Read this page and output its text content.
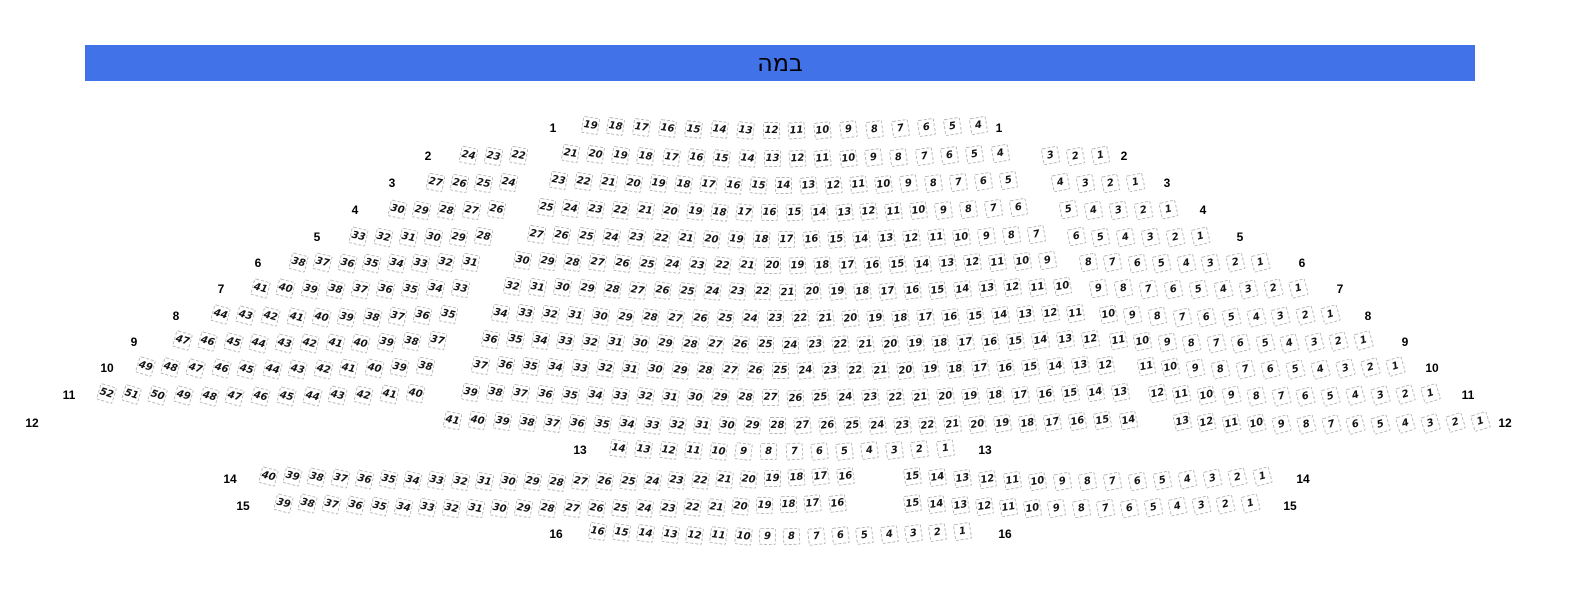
במה
1	1
19 18 17 16 15 14 13 12 11 10	9	8	7	6	5	4
2	2
24 23 22	21 20 19 18 17 16 15 14 13 12 11 10	9	8	7	6	5	4	3	2	1
3	3
27 26 25 24	23 22 21 20 19 18 17 16 15 14 13 12 11 10	9	8	7	6	5	4	3	2	1
4	4
30 29 28 27 26	25 24 23 22 21 20 19 18 17 16 15 14 13 12 11 10	9	8	7	6	5	4	3	2	1
5	5
33 32 31 30 29 28	27 26 25 24 23 22 21 20 19 18 17 16 15 14 13 12 11 10	9	8	7	6	5	4	3	2	1
6	6
38 37 36 35 34 33 32 31	30 29 28 27 26 25 24 23 22 21 20 19 18 17 16 15 14 13 12 11 10	9	8	7	6	5	4	3	2	1
7	7
41 40 39 38 37 36 35 34 33	32 31 30 29 28 27 26 25 24 23 22 21 20 19 18 17 16 15 14 13 12 11 10	9	8	7	6	5	4	3	2	1
8	8
44 43 42 41 40 39 38 37 36 35	34 33 32 31 30 29 28 27 26 25 24 23 22 21 20 19 18 17 16 15 14 13 12 11 10	9	8	7	6	5	4	3	2	1
9	9
47 46 45 44 43 42 41 40 39 38 37	36 35 34 33 32 31 30 29 28 27 26 25 24 23 22 21 20 19 18 17 16 15 14 13 12 11 10	9	8	7	6	5	4	3	2	1
10	10
49 48 47 46 45 44 43 42 41 40 39 38	37 36 35 34 33 32 31 30 29 28 27 26 25 24 23 22 21 20 19 18 17 16 15 14 13 12	11 10	9	8	7	6	5	4	3	2	1
11	11
52 51 50 49 48 47 46 45 44 43 42 41 40	39 38 37 36 35 34 33 32 31 30 29 28 27 26 25 24 23 22 21 20 19 18 17 16 15 14 13 12 11 10	9	8	7	6	5	4	3	2	1
12	12
41 40 39 38 37 36 35 34 33 32 31 30 29 28 27 26 25 24 23 22 21 20 19 18 17 16 15 14	13 12 11 10	9	8	7	6	5	4	3	2	1
13	13
14 13 12 11 10	9	8	7	6	5	4	3	2	1
14	14
40 39 38 37 36 35 34 33 32 31 30 29 28 27 26 25 24 23 22 21 20 19 18 17 16	15 14 13 12 11 10	9	8	7	6	5	4	3	2	1
15	15
39 38 37 36 35 34 33 32 31 30 29 28 27 26 25 24 23 22 21 20 19 18 17 16	15 14 13 12 11 10	9	8	7	6	5	4	3	2	1
16	16
16 15 14 13 12 11 10	9	8	7	6	5	4	3	2	1
